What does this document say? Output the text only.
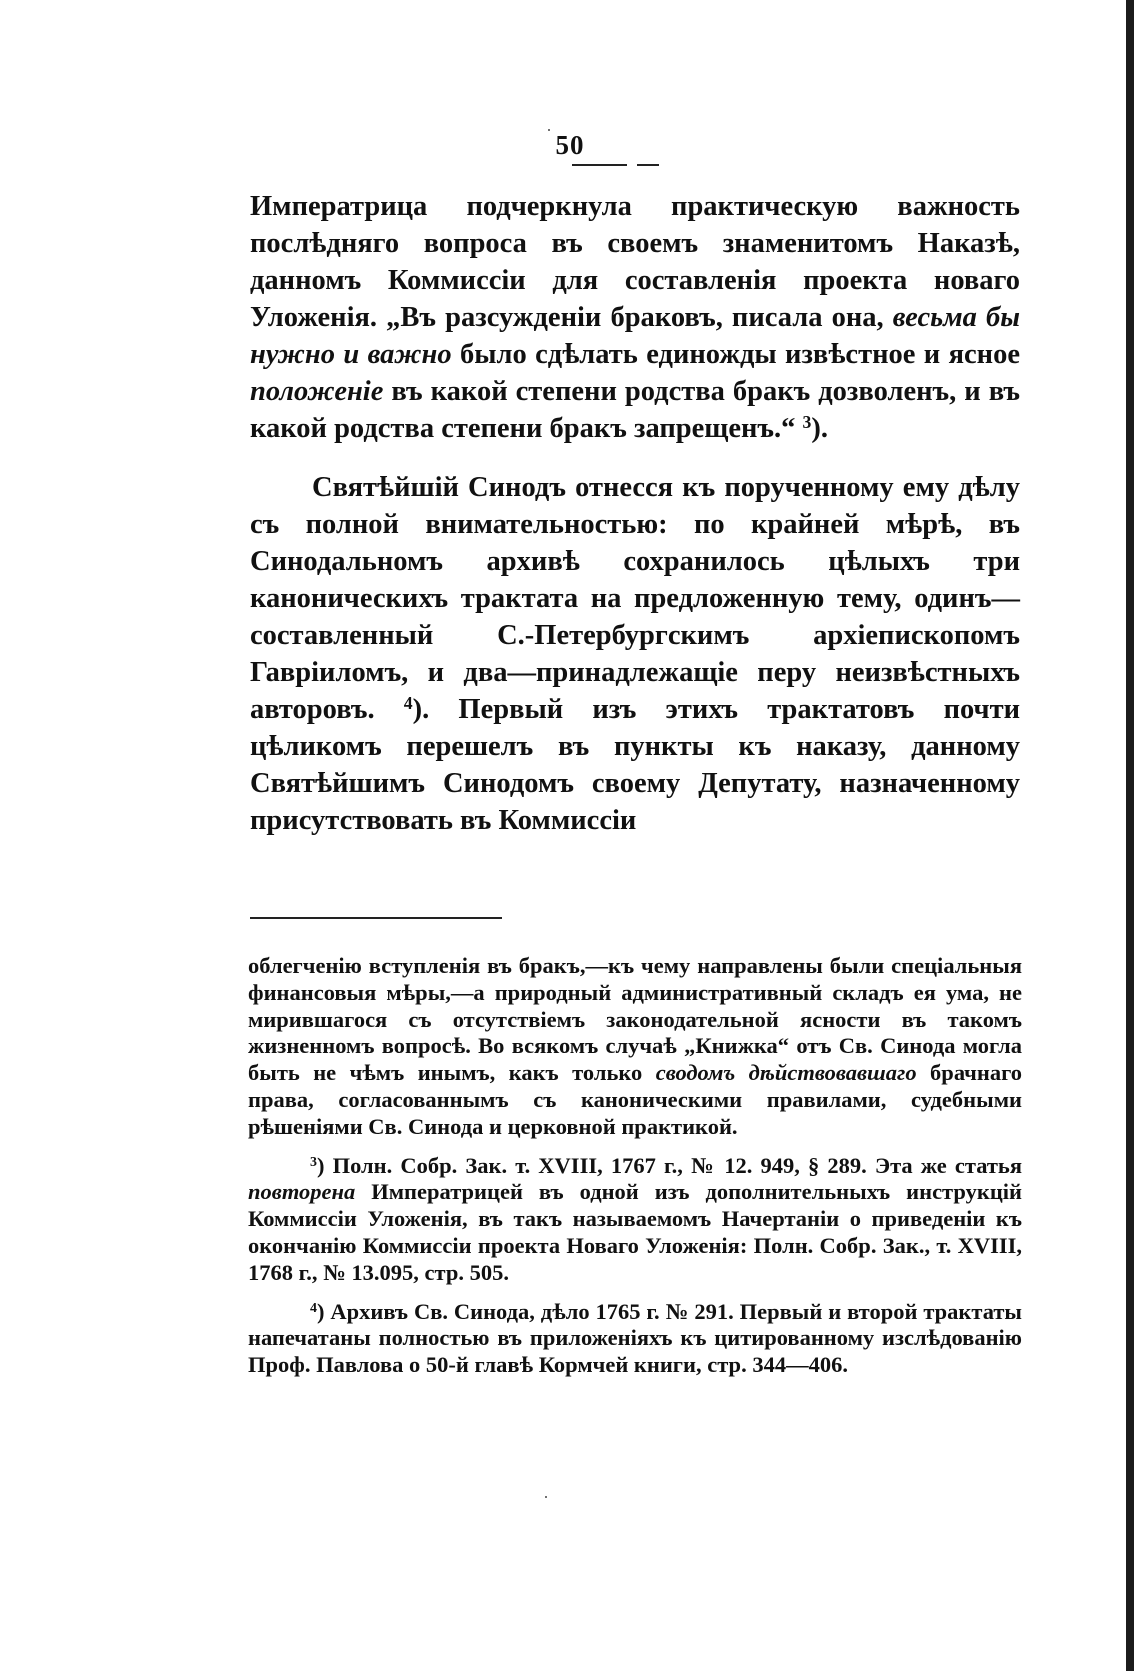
50

Императрица подчеркнула практическую важность послѣдняго вопроса въ своемъ знаменитомъ Наказѣ, данномъ Коммиссіи для составленія проекта новаго Уложенія. „Въ разсужденіи браковъ, писала она, весьма бы нужно и важно было сдѣлать единожды извѣстное и ясное положеніе въ какой степени родства бракъ дозволенъ, и въ какой родства степени бракъ запрещенъ.“ $^3$).

Святѣйшій Синодъ отнесся къ порученному ему дѣлу съ полной внимательностью: по крайней мѣрѣ, въ Синодальномъ архивѣ сохранилось цѣлыхъ три каноническихъ трактата на предложенную тему, одинъ—составленный С.-Петербургскимъ архіепископомъ Гавріиломъ, и два—принадлежащіе перу неизвѣстныхъ авторовъ. $^4$). Первый изъ этихъ трактатовъ почти цѣликомъ перешелъ въ пункты къ наказу, данному Святѣйшимъ Синодомъ своему Депутату, назначенному присутствовать въ Коммиссіи

облегченію вступленія въ бракъ,—къ чему направлены были спеціальныя финансовыя мѣры,—а природный административный складъ ея ума, не мирившагося съ отсутствіемъ законодательной ясности въ такомъ жизненномъ вопросѣ. Во всякомъ случаѣ „Книжка“ отъ Св. Синода могла быть не чѣмъ инымъ, какъ только сводомъ дѣйствовавшаго брачнаго права, согласованнымъ съ каноническими правилами, судебными рѣшеніями Св. Синода и церковной практикой.

$^3$) Полн. Собр. Зак. т. XVIII, 1767 г., № 12. 949, § 289. Эта же статья повторена Императрицей въ одной изъ дополнительныхъ инструкцій Коммиссіи Уложенія, въ такъ называемомъ Начертаніи о приведеніи къ окончанію Коммиссіи проекта Новаго Уложенія: Полн. Собр. Зак., т. XVIII, 1768 г., № 13.095, стр. 505.

$^4$) Архивъ Св. Синода, дѣло 1765 г. № 291. Первый и второй трактаты напечатаны полностью въ приложеніяхъ къ цитированному изслѣдованію Проф. Павлова о 50-й главѣ Кормчей книги, стр. 344—406.
